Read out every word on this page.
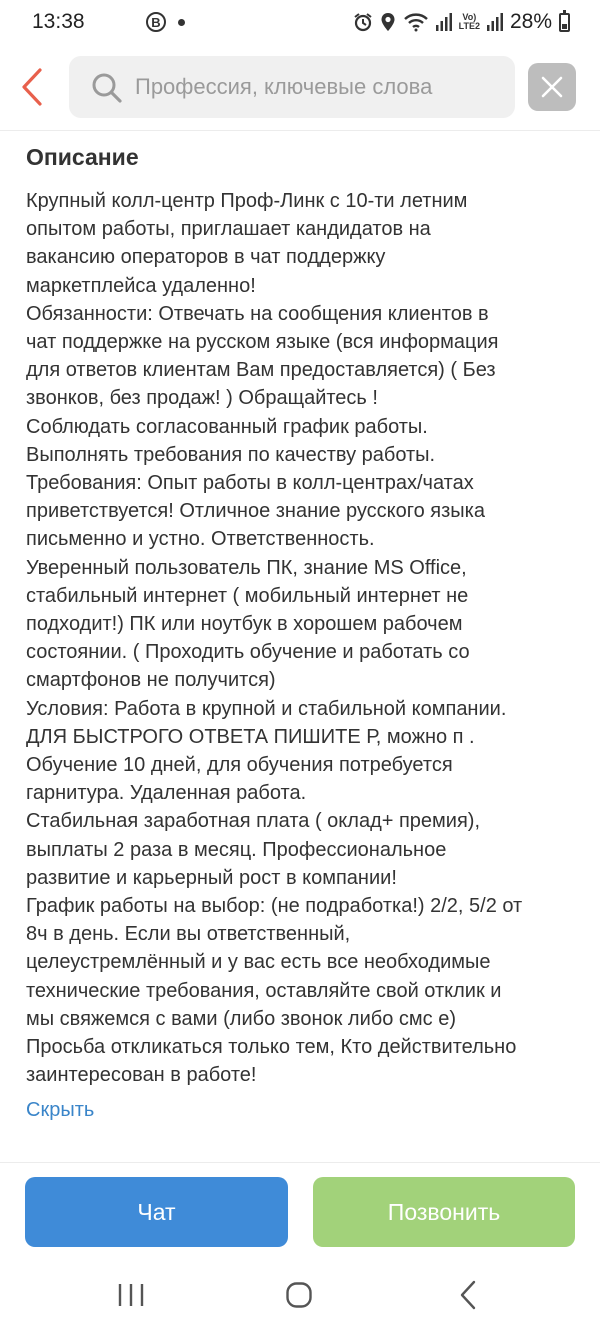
13:38	B	Vo)
LTE2 28%
Профессия, ключевые слова
Описание

Крупный колл-центр Проф-Линк с 10-ти летним

опытом работы, приглашает кандидатов на

вакансию операторов в чат поддержку

маркетплейса удаленно!

Обязанности: Отвечать на сообщения клиентов в

чат поддержке на русском языке (вся информация

для ответов клиентам Вам предоставляется) ( Без

звонков, без продаж! ) Обращайтесь !

Соблюдать согласованный график работы.

Выполнять требования по качеству работы.

Требования: Опыт работы в колл-центрах/чатах

приветствуется! Отличное знание русского языка

письменно и устно. Ответственность.

Уверенный пользователь ПК, знание MS Office,

стабильный интернет ( мобильный интернет не

подходит!) ПК или ноутбук в хорошем рабочем

состоянии. ( Проходить обучение и работать со

смартфонов не получится)

Условия: Работа в крупной и стабильной компании.

ДЛЯ БЫСТРОГО ОТВЕТА ПИШИТЕ Р, можно п .

Обучение 10 дней, для обучения потребуется

гарнитура. Удаленная работа.

Стабильная заработная плата ( оклад+ премия),

выплаты 2 раза в месяц. Профессиональное

развитие и карьерный рост в компании!

График работы на выбор: (не подработка!) 2/2, 5/2 от

8ч в день. Если вы ответственный,

целеустремлённый и у вас есть все необходимые

технические требования, оставляйте свой отклик и

мы свяжемся с вами (либо звонок либо смс е)

Просьба откликаться только тем, Кто действительно

заинтересован в работе!

Скрыть
Чат	Позвонить
